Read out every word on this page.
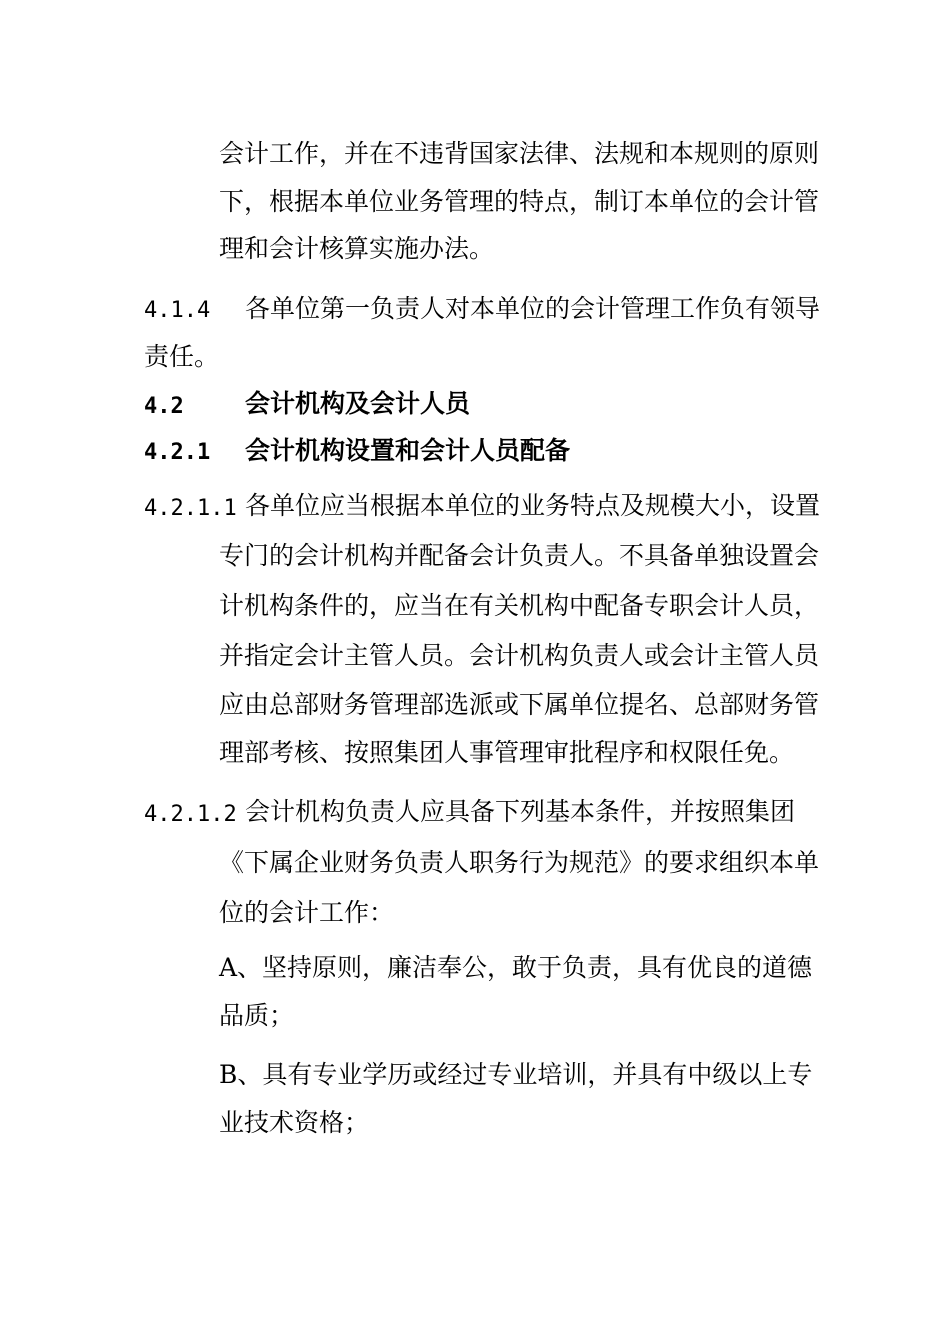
会计工作，并在不违背国家法律、法规和本规则的原则
下，根据本单位业务管理的特点，制订本单位的会计管
理和会计核算实施办法。
4.1.4 各单位第一负责人对本单位的会计管理工作负有领导
责任。
4.2 会计机构及会计人员
4.2.1 会计机构设置和会计人员配备
4.2.1.1 各单位应当根据本单位的业务特点及规模大小，设置
专门的会计机构并配备会计负责人。不具备单独设置会
计机构条件的，应当在有关机构中配备专职会计人员，
并指定会计主管人员。会计机构负责人或会计主管人员
应由总部财务管理部选派或下属单位提名、总部财务管
理部考核、按照集团人事管理审批程序和权限任免。
4.2.1.2 会计机构负责人应具备下列基本条件，并按照集团
《下属企业财务负责人职务行为规范》的要求组织本单
位的会计工作：
A、坚持原则，廉洁奉公，敢于负责，具有优良的道德
品质；
B、具有专业学历或经过专业培训，并具有中级以上专
业技术资格；
